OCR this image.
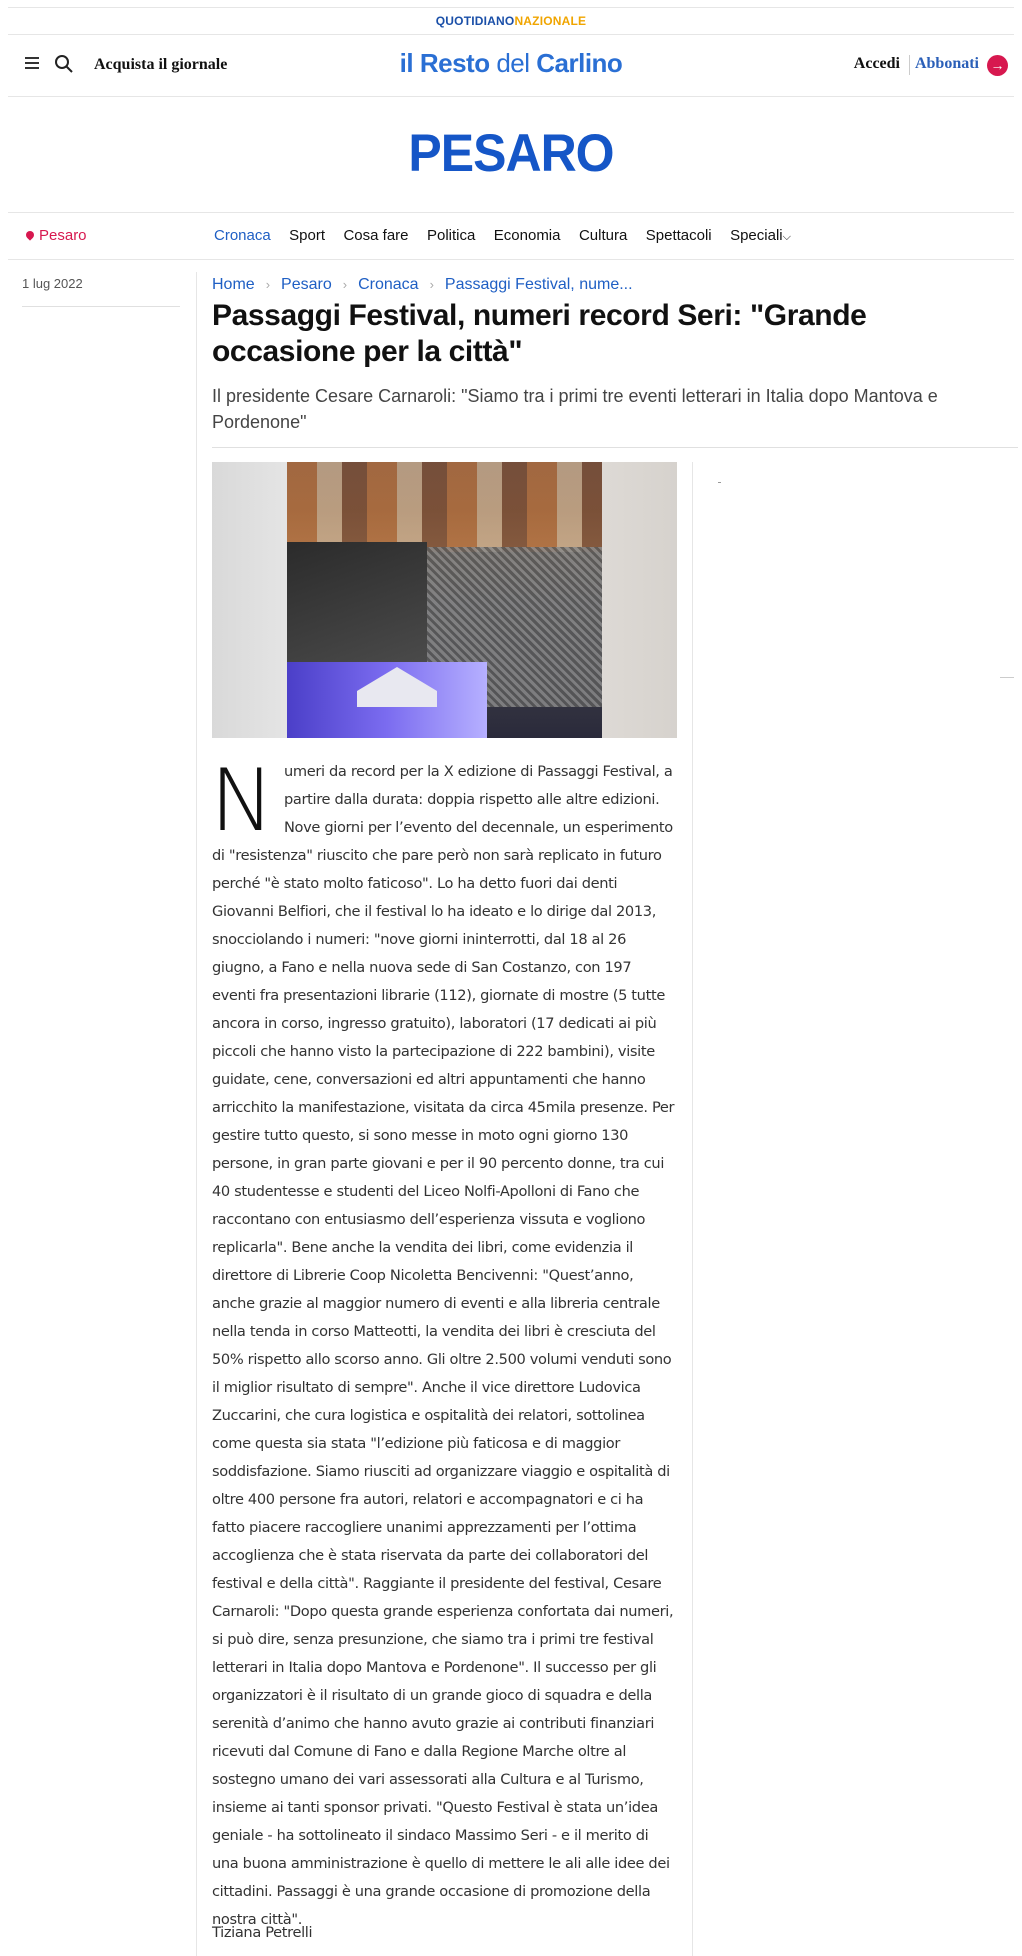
QUOTIDIANONAZIONALE
Acquista il giornale	il Resto del Carlino	Accedi Abbonati →
PESARO
Pesaro	Cronaca Sport Cosa fare Politica Economia Cultura Spettacoli Speciali⌵
1 lug 2022	Home › Pesaro › Cronaca › Passaggi Festival, nume...
Passaggi Festival, numeri record Seri: "Grande occasione per la città"
Il presidente Cesare Carnaroli: "Siamo tra i primi tre eventi letterari in Italia dopo Mantova e Pordenone"
Numeri da record per la X edizione di Passaggi Festival, a partire dalla durata: doppia rispetto alle altre edizioni. Nove giorni per l’evento del decennale, un esperimento di "resistenza" riuscito che pare però non sarà replicato in futuro perché "è stato molto faticoso". Lo ha detto fuori dai denti Giovanni Belfiori, che il festival lo ha ideato e lo dirige dal 2013, snocciolando i numeri: "nove giorni ininterrotti, dal 18 al 26 giugno, a Fano e nella nuova sede di San Costanzo, con 197 eventi fra presentazioni librarie (112), giornate di mostre (5 tutte ancora in corso, ingresso gratuito), laboratori (17 dedicati ai più piccoli che hanno visto la partecipazione di 222 bambini), visite guidate, cene, conversazioni ed altri appuntamenti che hanno arricchito la manifestazione, visitata da circa 45mila presenze. Per gestire tutto questo, si sono messe in moto ogni giorno 130 persone, in gran parte giovani e per il 90 percento donne, tra cui 40 studentesse e studenti del Liceo Nolfi-Apolloni di Fano che raccontano con entusiasmo dell’esperienza vissuta e vogliono replicarla". Bene anche la vendita dei libri, come evidenzia il direttore di Librerie Coop Nicoletta Bencivenni: "Quest’anno, anche grazie al maggior numero di eventi e alla libreria centrale nella tenda in corso Matteotti, la vendita dei libri è cresciuta del 50% rispetto allo scorso anno. Gli oltre 2.500 volumi venduti sono il miglior risultato di sempre". Anche il vice direttore Ludovica Zuccarini, che cura logistica e ospitalità dei relatori, sottolinea come questa sia stata "l’edizione più faticosa e di maggior soddisfazione. Siamo riusciti ad organizzare viaggio e ospitalità di oltre 400 persone fra autori, relatori e accompagnatori e ci ha fatto piacere raccogliere unanimi apprezzamenti per l’ottima accoglienza che è stata riservata da parte dei collaboratori del festival e della città". Raggiante il presidente del festival, Cesare Carnaroli: "Dopo questa grande esperienza confortata dai numeri, si può dire, senza presunzione, che siamo tra i primi tre festival letterari in Italia dopo Mantova e Pordenone". Il successo per gli organizzatori è il risultato di un grande gioco di squadra e della serenità d’animo che hanno avuto grazie ai contributi finanziari ricevuti dal Comune di Fano e dalla Regione Marche oltre al sostegno umano dei vari assessorati alla Cultura e al Turismo, insieme ai tanti sponsor privati. "Questo Festival è stata un’idea geniale - ha sottolineato il sindaco Massimo Seri - e il merito di una buona amministrazione è quello di mettere le ali alle idee dei cittadini. Passaggi è una grande occasione di promozione della nostra città".
Tiziana Petrelli
